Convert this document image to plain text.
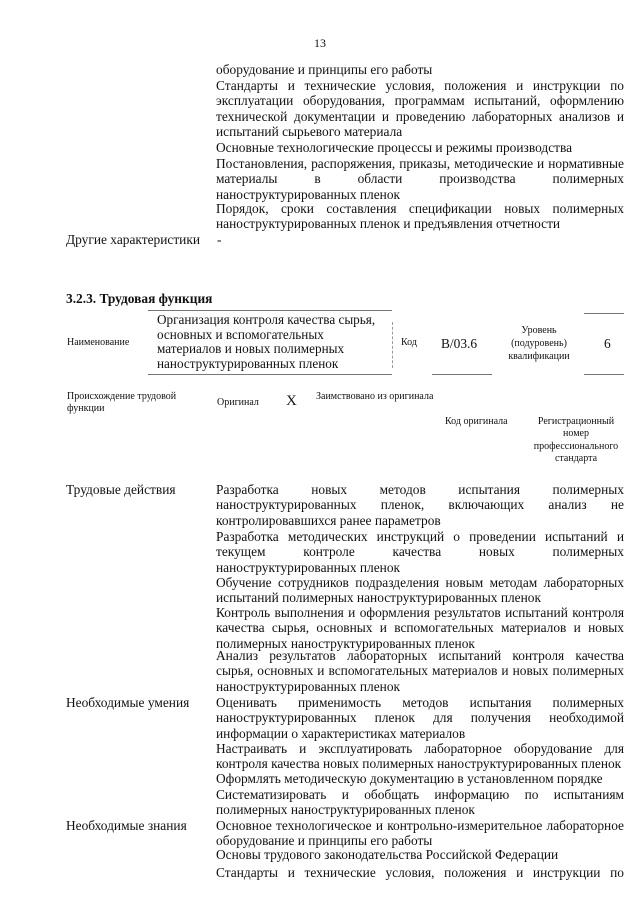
13
оборудование и принципы его работы
Стандарты и технические условия, положения и инструкции по эксплуатации оборудования, программам испытаний, оформлению технической документации и проведению лабораторных анализов и испытаний сырьевого материала
Основные технологические процессы и режимы производства
Постановления, распоряжения, приказы, методические и нормативные материалы в области производства полимерных наноструктурированных пленок
Порядок, сроки составления спецификации новых полимерных наноструктурированных пленок и предъявления отчетности
Другие характеристики -
3.2.3. Трудовая функция
Наименование
Организация контроля качества сырья, основных и вспомогательных материалов и новых полимерных наноструктурированных пленок
Код B/03.6
Уровень (подуровень) квалификации
6
Происхождение трудовой функции
Оригинал X Заимствовано из оригинала
Код оригинала	Регистрационный номер профессионального стандарта
Трудовые действия	Разработка новых методов испытания полимерных наноструктурированных пленок, включающих анализ не контролировавшихся ранее параметров
Разработка методических инструкций о проведении испытаний и текущем контроле качества новых полимерных наноструктурированных пленок
Обучение сотрудников подразделения новым методам лабораторных испытаний полимерных наноструктурированных пленок
Контроль выполнения и оформления результатов испытаний контроля качества сырья, основных и вспомогательных материалов и новых полимерных наноструктурированных пленок
Анализ результатов лабораторных испытаний контроля качества сырья, основных и вспомогательных материалов и новых полимерных наноструктурированных пленок
Необходимые умения Оценивать применимость методов испытания полимерных наноструктурированных пленок для получения необходимой информации о характеристиках материалов
Настраивать и эксплуатировать лабораторное оборудование для контроля качества новых полимерных наноструктурированных пленок
Оформлять методическую документацию в установленном порядке
Систематизировать и обобщать информацию по испытаниям полимерных наноструктурированных пленок
Необходимые знания Основное технологическое и контрольно-измерительное лабораторное оборудование и принципы его работы
Основы трудового законодательства Российской Федерации
Стандарты и технические условия, положения и инструкции по
